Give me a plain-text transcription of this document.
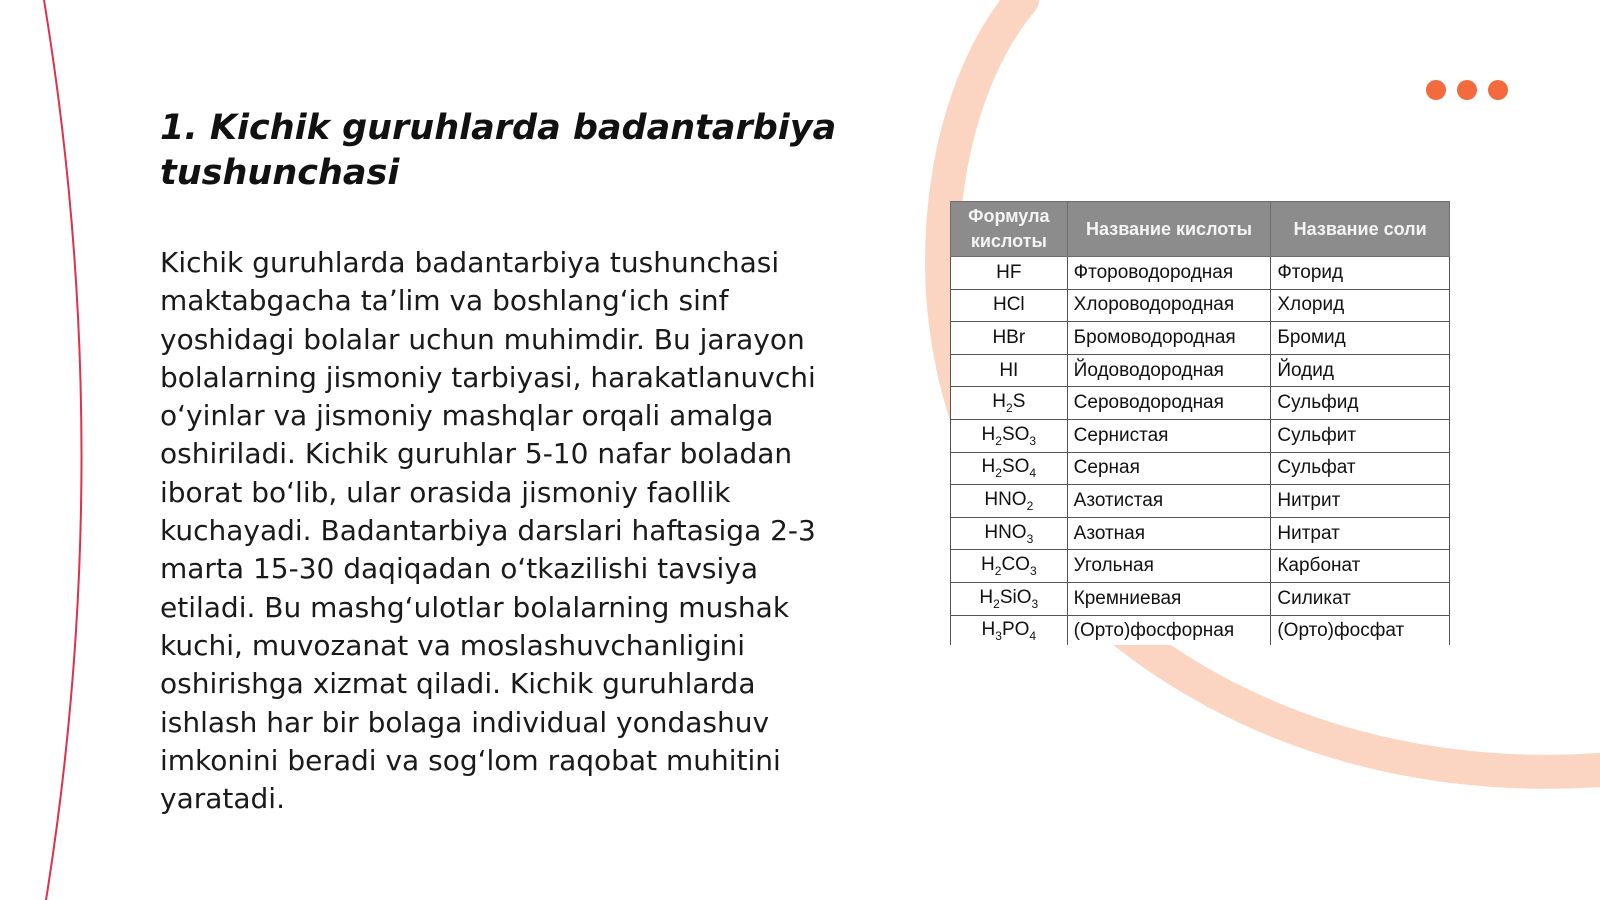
1. Kichik guruhlarda badantarbiya tushunchasi

Kichik guruhlarda badantarbiya tushunchasi maktabgacha taʼlim va boshlangʻich sinf yoshidagi bolalar uchun muhimdir. Bu jarayon bolalarning jismoniy tarbiyasi, harakatlanuvchi oʻyinlar va jismoniy mashqlar orqali amalga oshiriladi. Kichik guruhlar 5-10 nafar boladan iborat boʻlib, ular orasida jismoniy faollik kuchayadi. Badantarbiya darslari haftasiga 2-3 marta 15-30 daqiqadan oʻtkazilishi tavsiya etiladi. Bu mashgʻulotlar bolalarning mushak kuchi, muvozanat va moslashuvchanligini oshirishga xizmat qiladi. Kichik guruhlarda ishlash har bir bolaga individual yondashuv imkonini beradi va sogʻlom raqobat muhitini yaratadi.

Формула кислоты	Название кислоты	Название соли
HF	Фтороводородная	Фторид
HCl	Хлороводородная	Хлорид
HBr	Бромоводородная	Бромид
HI	Йодоводородная	Йодид
$H_2S$	Сероводородная	Сульфид
$H_2SO_3$	Сернистая	Сульфит
$H_2SO_4$	Серная	Сульфат
$HNO_2$	Азотистая	Нитрит
$HNO_3$	Азотная	Нитрат
$H_2CO_3$	Угольная	Карбонат
$H_2SiO_3$	Кремниевая	Силикат
$H_3PO_4$	(Орто)фосфорная	(Орто)фосфат
